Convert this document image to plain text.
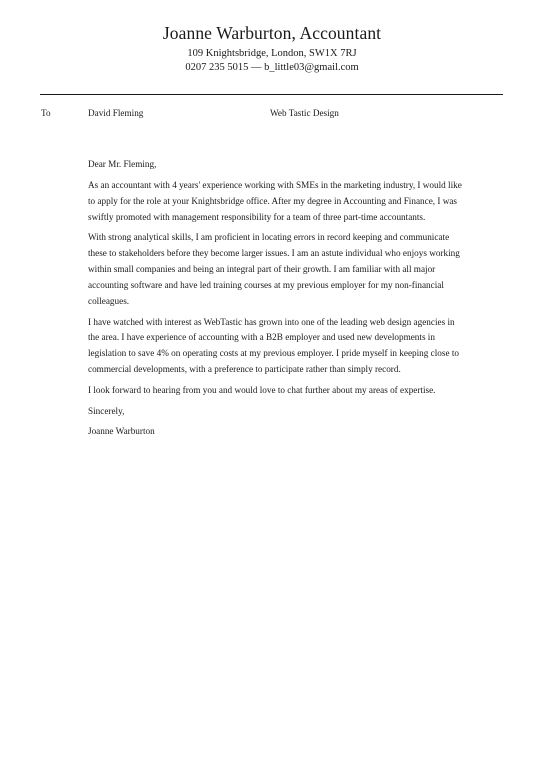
Joanne Warburton, Accountant
109 Knightsbridge, London, SW1X 7RJ
0207 235 5015 — b_little03@gmail.com
To	David Fleming	Web Tastic Design

Dear Mr. Fleming,

As an accountant with 4 years' experience working with SMEs in the marketing industry, I would like to apply for the role at your Knightsbridge office. After my degree in Accounting and Finance, I was swiftly promoted with management responsibility for a team of three part-time accountants.

With strong analytical skills, I am proficient in locating errors in record keeping and communicate these to stakeholders before they become larger issues. I am an astute individual who enjoys working within small companies and being an integral part of their growth. I am familiar with all major accounting software and have led training courses at my previous employer for my non-financial colleagues.

I have watched with interest as WebTastic has grown into one of the leading web design agencies in the area. I have experience of accounting with a B2B employer and used new developments in legislation to save 4% on operating costs at my previous employer. I pride myself in keeping close to commercial developments, with a preference to participate rather than simply record.

I look forward to hearing from you and would love to chat further about my areas of expertise.

Sincerely,

Joanne Warburton
